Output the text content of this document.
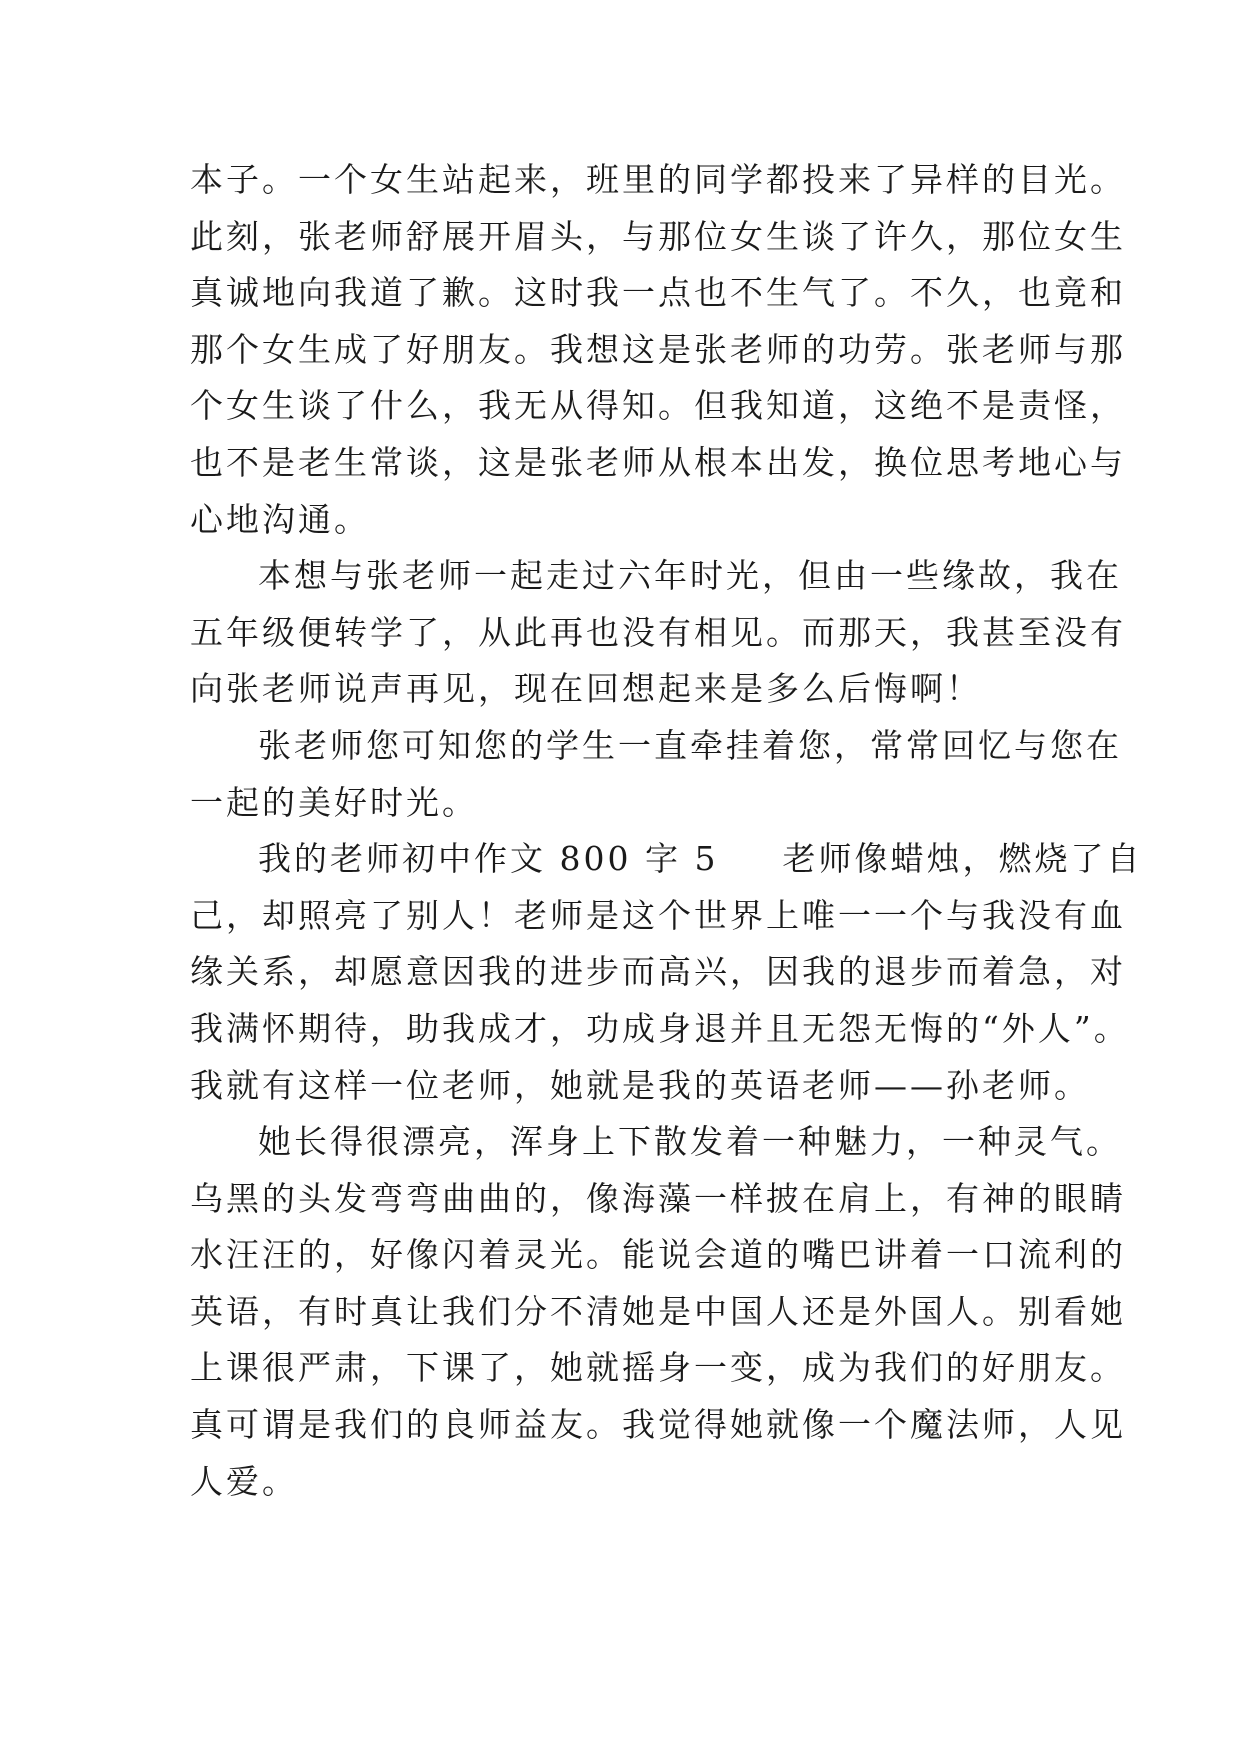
本子。一个女生站起来，班里的同学都投来了异样的目光。
此刻，张老师舒展开眉头，与那位女生谈了许久，那位女生
真诚地向我道了歉。这时我一点也不生气了。不久，也竟和
那个女生成了好朋友。我想这是张老师的功劳。张老师与那
个女生谈了什么，我无从得知。但我知道，这绝不是责怪，
也不是老生常谈，这是张老师从根本出发，换位思考地心与
心地沟通。
本想与张老师一起走过六年时光，但由一些缘故，我在
五年级便转学了，从此再也没有相见。而那天，我甚至没有
向张老师说声再见，现在回想起来是多么后悔啊！
张老师您可知您的学生一直牵挂着您，常常回忆与您在
一起的美好时光。
我的老师初中作文 800 字 5 老师像蜡烛，燃烧了自
己，却照亮了别人！老师是这个世界上唯一一个与我没有血
缘关系，却愿意因我的进步而高兴，因我的退步而着急，对
我满怀期待，助我成才，功成身退并且无怨无悔的“外人”。
我就有这样一位老师，她就是我的英语老师——孙老师。
她长得很漂亮，浑身上下散发着一种魅力，一种灵气。
乌黑的头发弯弯曲曲的，像海藻一样披在肩上，有神的眼睛
水汪汪的，好像闪着灵光。能说会道的嘴巴讲着一口流利的
英语，有时真让我们分不清她是中国人还是外国人。别看她
上课很严肃，下课了，她就摇身一变，成为我们的好朋友。
真可谓是我们的良师益友。我觉得她就像一个魔法师，人见
人爱。
